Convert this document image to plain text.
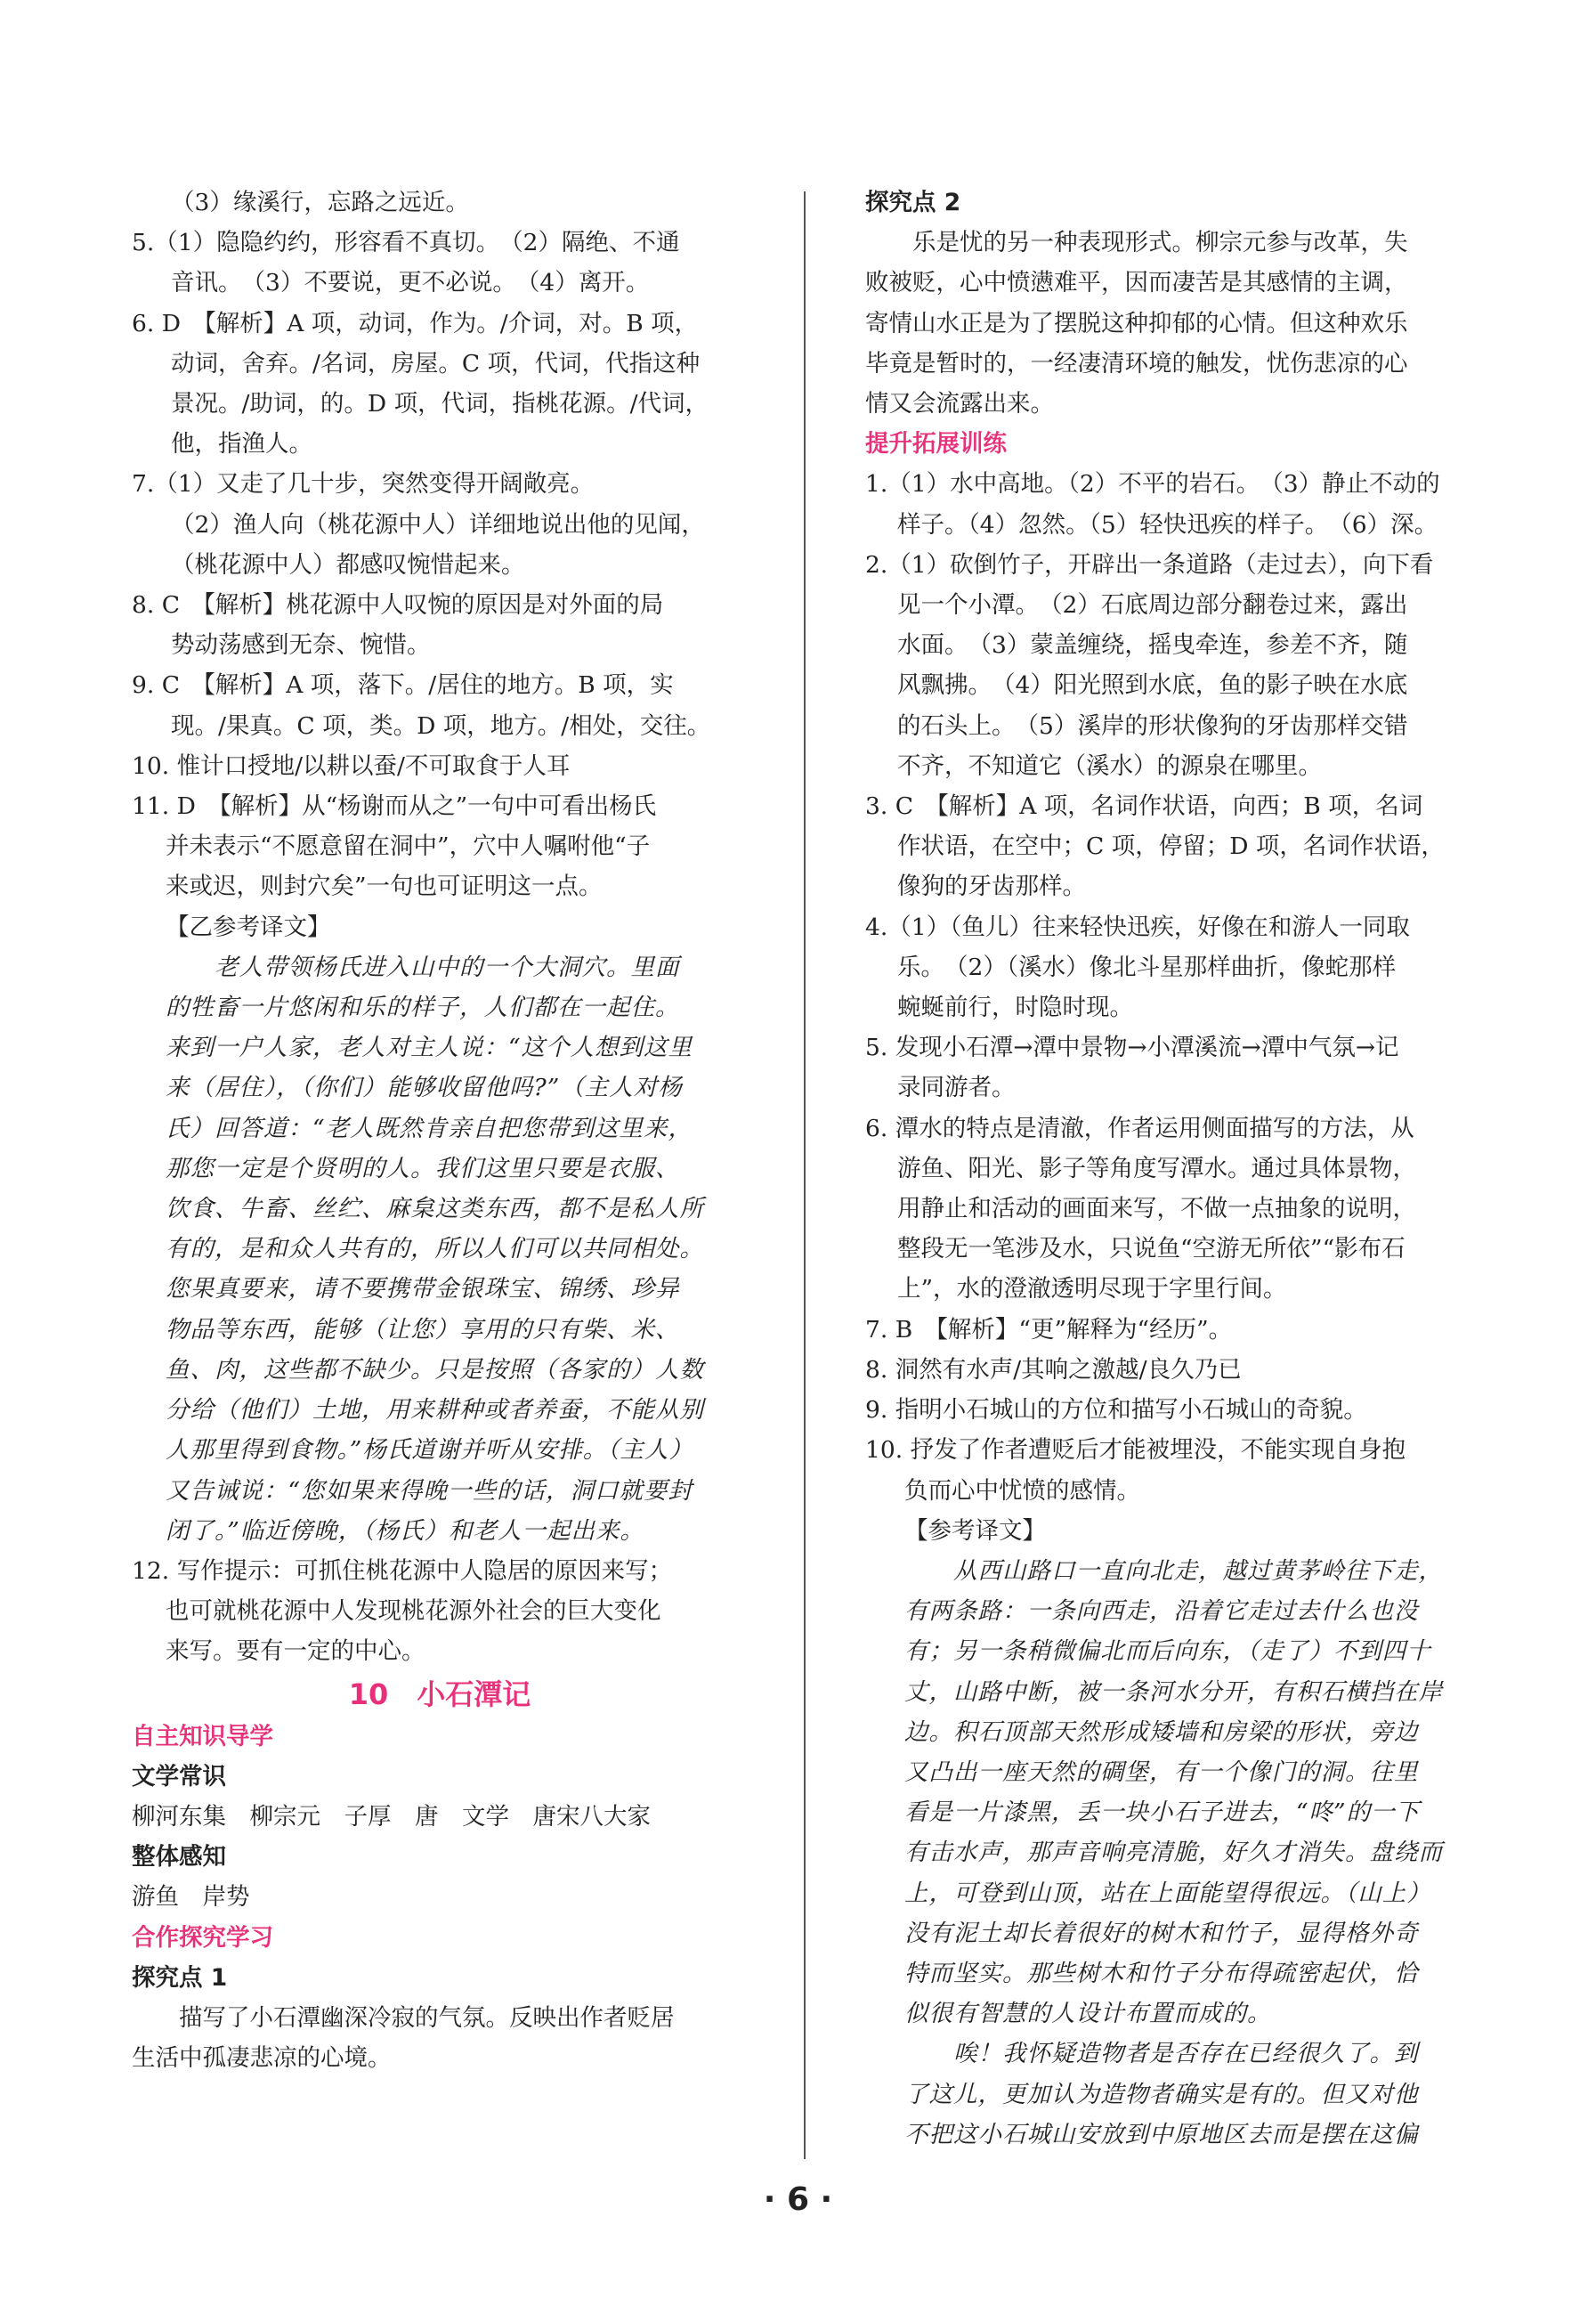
（3）缘溪行，忘路之远近。
5.（1）隐隐约约，形容看不真切。　（2）隔绝、不通
音讯。　（3）不要说，更不必说。　（4）离开。
6. D　【解析】A 项，动词，作为。/介词，对。B 项，
动词，舍弃。/名词，房屋。C 项，代词，代指这种
景况。/助词，的。D 项，代词，指桃花源。/代词，
他，指渔人。
7.（1）又走了几十步，突然变得开阔敞亮。
（2）渔人向（桃花源中人）详细地说出他的见闻，
（桃花源中人）都感叹惋惜起来。
8. C　【解析】桃花源中人叹惋的原因是对外面的局
势动荡感到无奈、惋惜。
9. C　【解析】A 项，落下。/居住的地方。B 项，实
现。/果真。C 项，类。D 项，地方。/相处，交往。
10. 惟计口授地/以耕以蚕/不可取食于人耳
11. D　【解析】从“杨谢而从之”一句中可看出杨氏
并未表示“不愿意留在洞中”，穴中人嘱咐他“子
来或迟，则封穴矣”一句也可证明这一点。
【乙参考译文】
　　老人带领杨氏进入山中的一个大洞穴。里面
的牲畜一片悠闲和乐的样子，人们都在一起住。
来到一户人家，老人对主人说：“这个人想到这里
来（居住），（你们）能够收留他吗?”（主人对杨
氏）回答道：“老人既然肯亲自把您带到这里来，
那您一定是个贤明的人。我们这里只要是衣服、
饮食、牛畜、丝纻、麻枲这类东西，都不是私人所
有的，是和众人共有的，所以人们可以共同相处。
您果真要来，请不要携带金银珠宝、锦绣、珍异
物品等东西，能够（让您）享用的只有柴、米、
鱼、肉，这些都不缺少。只是按照（各家的）人数
分给（他们）土地，用来耕种或者养蚕，不能从别
人那里得到食物。”杨氏道谢并听从安排。（主人）
又告诫说：“您如果来得晚一些的话，洞口就要封
闭了。”临近傍晚，（杨氏）和老人一起出来。
12. 写作提示：可抓住桃花源中人隐居的原因来写；
也可就桃花源中人发现桃花源外社会的巨大变化
来写。要有一定的中心。
10　小石潭记
自主知识导学
文学常识
柳河东集　柳宗元　子厚　唐　文学　唐宋八大家
整体感知
游鱼　岸势
合作探究学习
探究点 1
　　描写了小石潭幽深冷寂的气氛。反映出作者贬居
生活中孤凄悲凉的心境。
探究点 2
　　乐是忧的另一种表现形式。柳宗元参与改革，失
败被贬，心中愤懑难平，因而凄苦是其感情的主调，
寄情山水正是为了摆脱这种抑郁的心情。但这种欢乐
毕竟是暂时的，一经凄清环境的触发，忧伤悲凉的心
情又会流露出来。
提升拓展训练
1.（1）水中高地。（2）不平的岩石。　（3）静止不动的
样子。（4）忽然。（5）轻快迅疾的样子。　（6）深。
2.（1）砍倒竹子，开辟出一条道路（走过去），向下看
见一个小潭。　（2）石底周边部分翻卷过来，露出
水面。　（3）蒙盖缠绕，摇曳牵连，参差不齐，随
风飘拂。　（4）阳光照到水底，鱼的影子映在水底
的石头上。　（5）溪岸的形状像狗的牙齿那样交错
不齐，不知道它（溪水）的源泉在哪里。
3. C　【解析】A 项，名词作状语，向西；B 项，名词
作状语，在空中；C 项，停留；D 项，名词作状语，
像狗的牙齿那样。
4.（1）（鱼儿）往来轻快迅疾，好像在和游人一同取
乐。　（2）（溪水）像北斗星那样曲折，像蛇那样
蜿蜒前行，时隐时现。
5. 发现小石潭→潭中景物→小潭溪流→潭中气氛→记
录同游者。
6. 潭水的特点是清澈，作者运用侧面描写的方法，从
游鱼、阳光、影子等角度写潭水。通过具体景物，
用静止和活动的画面来写，不做一点抽象的说明，
整段无一笔涉及水，只说鱼“空游无所依”“影布石
上”，水的澄澈透明尽现于字里行间。
7. B　【解析】“更”解释为“经历”。
8. 洞然有水声/其响之激越/良久乃已
9. 指明小石城山的方位和描写小石城山的奇貌。
10. 抒发了作者遭贬后才能被埋没，不能实现自身抱
负而心中忧愤的感情。
【参考译文】
　　从西山路口一直向北走，越过黄茅岭往下走，
有两条路：一条向西走，沿着它走过去什么也没
有；另一条稍微偏北而后向东，（走了）不到四十
丈，山路中断，被一条河水分开，有积石横挡在岸
边。积石顶部天然形成矮墙和房梁的形状，旁边
又凸出一座天然的碉堡，有一个像门的洞。往里
看是一片漆黑，丢一块小石子进去，“咚”的一下
有击水声，那声音响亮清脆，好久才消失。盘绕而
上，可登到山顶，站在上面能望得很远。（山上）
没有泥土却长着很好的树木和竹子，显得格外奇
特而坚实。那些树木和竹子分布得疏密起伏，恰
似很有智慧的人设计布置而成的。
　　唉！我怀疑造物者是否存在已经很久了。到
了这儿，更加认为造物者确实是有的。但又对他
不把这小石城山安放到中原地区去而是摆在这偏
· 6 ·
